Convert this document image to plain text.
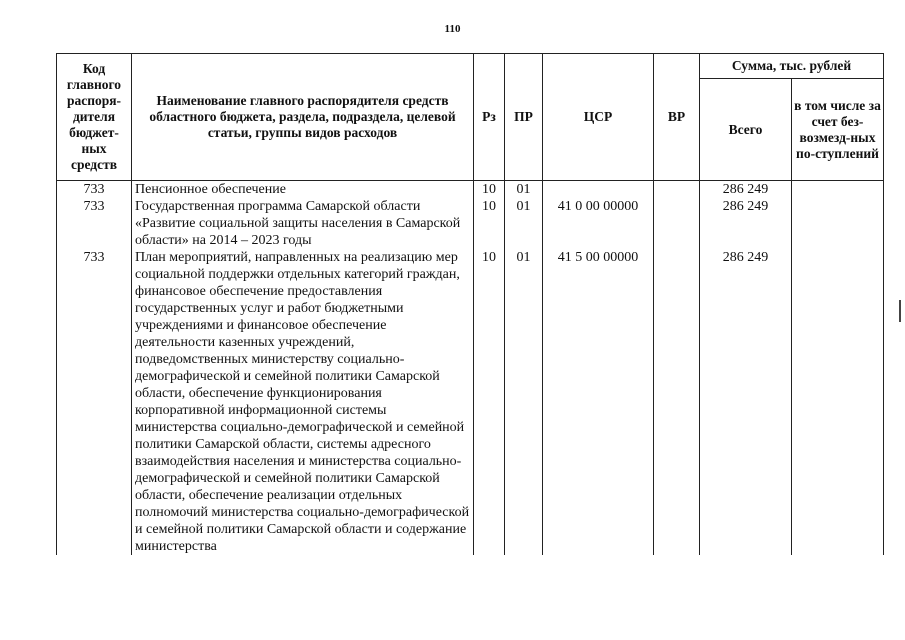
110
Код главного распоря-дителя бюджет-ных средств	Наименование главного распорядителя средств областного бюджета, раздела, подраздела, целевой статьи, группы видов расходов	Рз	ПР	ЦСР	ВР	Сумма, тыс. рублей	
						Всего	в том числе за счет без-возмезд-ных по-ступлений
733	Пенсионное обеспечение	10	01			286 249	
733	Государственная программа Самарской области «Развитие социальной защиты населения в Самарской области» на 2014 – 2023 годы	10	01	41 0 00 00000		286 249	
733	План мероприятий, направленных на реализацию мер социальной поддержки отдельных категорий граждан, финансовое обеспечение предоставления государственных услуг и работ бюджетными учреждениями и финансовое обеспечение деятельности казенных учреждений, подведомственных министерству социально-демографической и семейной политики Самарской области, обеспечение функционирования корпоративной информационной системы министерства социально-демографической и семейной политики Самарской области, системы адресного взаимодействия населения и министерства социально-демографической и семейной политики Самарской области, обеспечение реализации отдельных полномочий министерства социально-демографической и семейной политики Самарской области и содержание министерства	10	01	41 5 00 00000		286 249	
